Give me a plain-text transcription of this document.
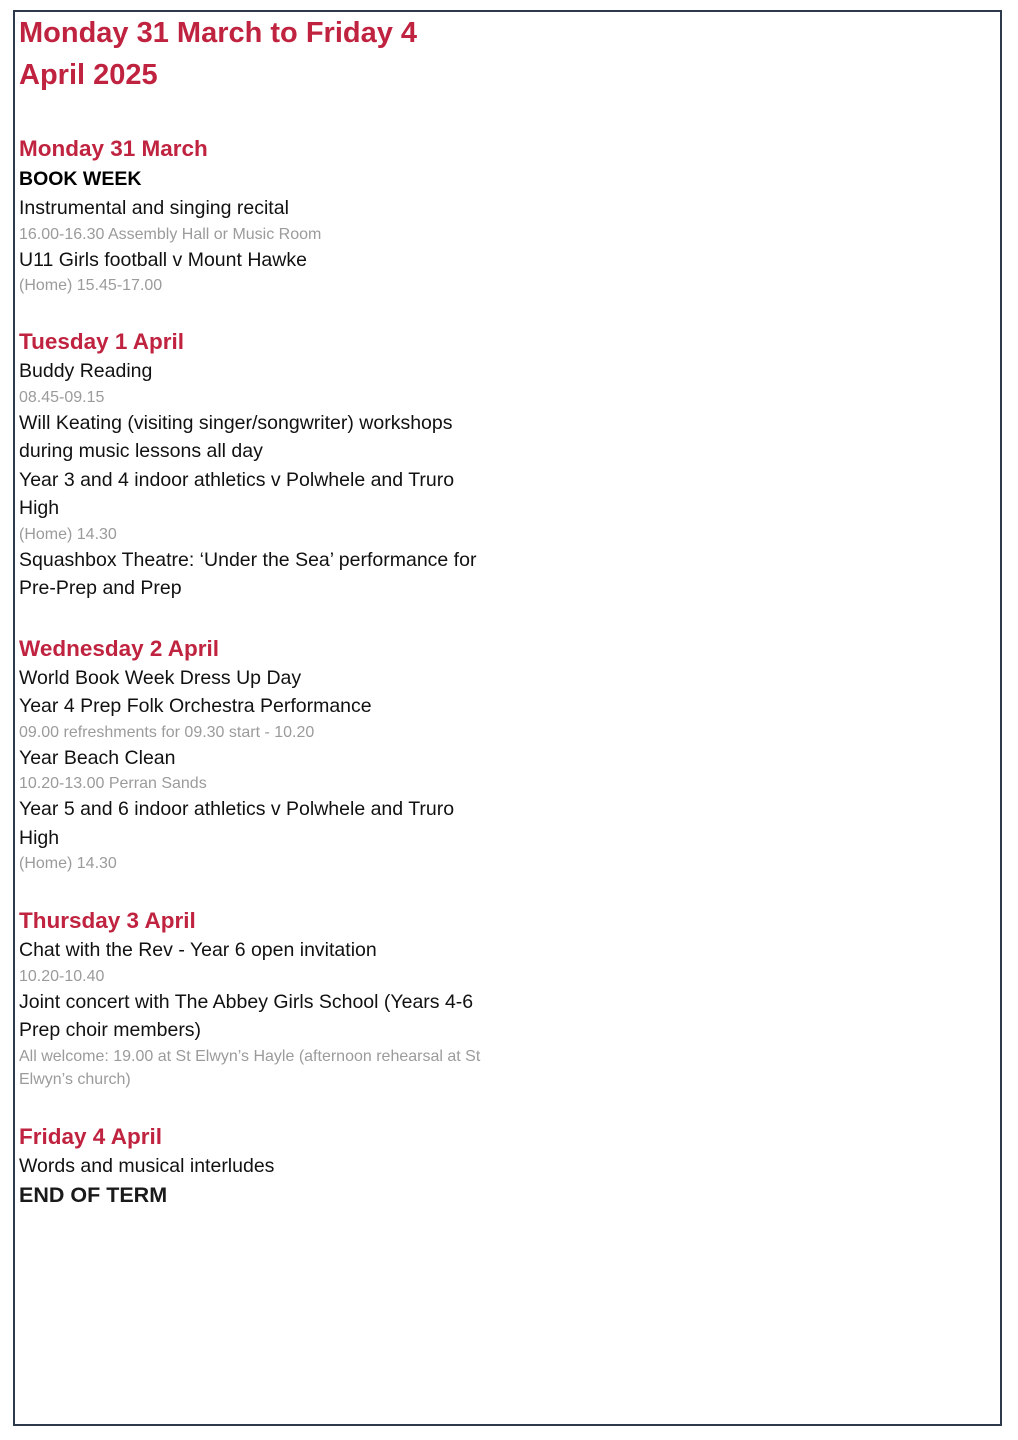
Monday 31 March to Friday 4
April 2025
Monday 31 March
BOOK WEEK
Instrumental and singing recital
16.00-16.30 Assembly Hall or Music Room
U11 Girls football v Mount Hawke
(Home) 15.45-17.00
Tuesday 1 April
Buddy Reading
08.45-09.15
Will Keating (visiting singer/songwriter) workshops
during music lessons all day
Year 3 and 4 indoor athletics v Polwhele and Truro
High
(Home) 14.30
Squashbox Theatre: ‘Under the Sea’ performance for
Pre-Prep and Prep
Wednesday 2 April
World Book Week Dress Up Day
Year 4 Prep Folk Orchestra Performance
09.00 refreshments for 09.30 start - 10.20
Year Beach Clean
10.20-13.00 Perran Sands
Year 5 and 6 indoor athletics v Polwhele and Truro
High
(Home) 14.30
Thursday 3 April
Chat with the Rev - Year 6 open invitation
10.20-10.40
Joint concert with The Abbey Girls School (Years 4-6
Prep choir members)
All welcome: 19.00 at St Elwyn’s Hayle (afternoon rehearsal at St
Elwyn’s church)
Friday 4 April
Words and musical interludes
END OF TERM
